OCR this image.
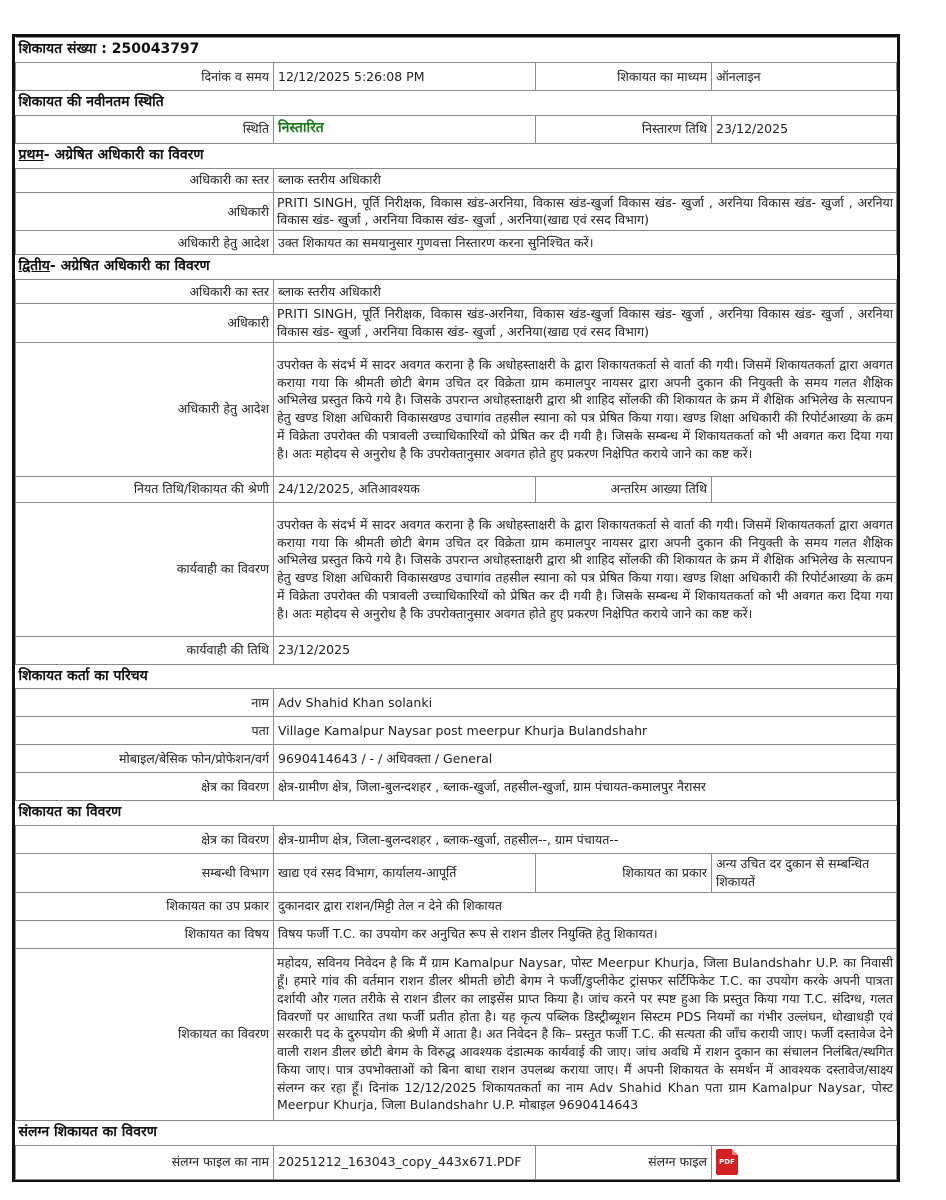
शिकायत संख्या : 250043797			
दिनांक व समय	12/12/2025 5:26:08 PM	शिकायत का माध्यम	ऑनलाइन
शिकायत की नवीनतम स्थिति			
स्थिति	निस्तारित	निस्तारण तिथि	23/12/2025
प्रथम- अग्रेषित अधिकारी का विवरण			
अधिकारी का स्तर	ब्लाक स्तरीय अधिकारी		
अधिकारी	PRITI SINGH, पूर्ति निरीक्षक, विकास खंड-अरनिया, विकास खंड-खुर्जा विकास खंड- खुर्जा , अरनिया विकास खंड- खुर्जा , अरनिया विकास खंड- खुर्जा , अरनिया विकास खंड- खुर्जा , अरनिया(खाद्य एवं रसद विभाग)		
अधिकारी हेतु आदेश	उक्त शिकायत का समयानुसार गुणवत्ता निस्तारण करना सुनिश्चित करें।		
द्वितीय- अग्रेषित अधिकारी का विवरण			
अधिकारी का स्तर	ब्लाक स्तरीय अधिकारी		
अधिकारी	PRITI SINGH, पूर्ति निरीक्षक, विकास खंड-अरनिया, विकास खंड-खुर्जा विकास खंड- खुर्जा , अरनिया विकास खंड- खुर्जा , अरनिया विकास खंड- खुर्जा , अरनिया विकास खंड- खुर्जा , अरनिया(खाद्य एवं रसद विभाग)		
अधिकारी हेतु आदेश	उपरोक्त के संदर्भ में सादर अवगत कराना है कि अधोहस्ताक्षरी के द्वारा शिकायतकर्ता से वार्ता की गयी। जिसमें शिकायतकर्ता द्वारा अवगत कराया गया कि श्रीमती छोटी बेगम उचित दर विक्रेता ग्राम कमालपुर नायसर द्वारा अपनी दुकान की नियुक्ती के समय गलत शैक्षिक अभिलेख प्रस्तुत किये गये है। जिसके उपरान्त अधोहस्ताक्षरी द्वारा श्री शाहिद सोंलकी की शिकायत के क्रम में शैक्षिक अभिलेख के सत्यापन हेतु खण्ड शिक्षा अधिकारी विकासखण्ड उचागांव तहसील स्याना को पत्र प्रेषित किया गया। खण्ड शिक्षा अधिकारी की रिपोर्टआख्या के क्रम में विक्रेता उपरोक्त की पत्रावली उच्चाधिकारियों को प्रेषित कर दी गयी है। जिसके सम्बन्ध में शिकायतकर्ता को भी अवगत करा दिया गया है। अतः महोदय से अनुरोध है कि उपरोक्तानुसार अवगत होते हुए प्रकरण निक्षेपित कराये जाने का कष्ट करें।		
नियत तिथि/शिकायत की श्रेणी	24/12/2025, अतिआवश्यक	अन्तरिम आख्या तिथि	
कार्यवाही का विवरण	उपरोक्त के संदर्भ में सादर अवगत कराना है कि अधोहस्ताक्षरी के द्वारा शिकायतकर्ता से वार्ता की गयी। जिसमें शिकायतकर्ता द्वारा अवगत कराया गया कि श्रीमती छोटी बेगम उचित दर विक्रेता ग्राम कमालपुर नायसर द्वारा अपनी दुकान की नियुक्ती के समय गलत शैक्षिक अभिलेख प्रस्तुत किये गये है। जिसके उपरान्त अधोहस्ताक्षरी द्वारा श्री शाहिद सोंलकी की शिकायत के क्रम में शैक्षिक अभिलेख के सत्यापन हेतु खण्ड शिक्षा अधिकारी विकासखण्ड उचागांव तहसील स्याना को पत्र प्रेषित किया गया। खण्ड शिक्षा अधिकारी की रिपोर्टआख्या के क्रम में विक्रेता उपरोक्त की पत्रावली उच्चाधिकारियों को प्रेषित कर दी गयी है। जिसके सम्बन्ध में शिकायतकर्ता को भी अवगत करा दिया गया है। अतः महोदय से अनुरोध है कि उपरोक्तानुसार अवगत होते हुए प्रकरण निक्षेपित कराये जाने का कष्ट करें।		
कार्यवाही की तिथि	23/12/2025		
शिकायत कर्ता का परिचय			
नाम	Adv Shahid Khan solanki		
पता	Village Kamalpur Naysar post meerpur Khurja Bulandshahr		
मोबाइल/बेसिक फोन/प्रोफेशन/वर्ग	9690414643 / - / अधिवक्ता / General		
क्षेत्र का विवरण	क्षेत्र-ग्रामीण क्षेत्र, जिला-बुलन्दशहर , ब्लाक-खुर्जा, तहसील-खुर्जा, ग्राम पंचायत-कमालपुर नैरासर		
शिकायत का विवरण			
क्षेत्र का विवरण	क्षेत्र-ग्रामीण क्षेत्र, जिला-बुलन्दशहर , ब्लाक-खुर्जा, तहसील--, ग्राम पंचायत--		
सम्बन्धी विभाग	खाद्य एवं रसद विभाग, कार्यालय-आपूर्ति	शिकायत का प्रकार	अन्य उचित दर दुकान से सम्बन्धित शिकायतें
शिकायत का उप प्रकार	दुकानदार द्वारा राशन/मिट्टी तेल न देने की शिकायत		
शिकायत का विषय	विषय फर्जी T.C. का उपयोग कर अनुचित रूप से राशन डीलर नियुक्ति हेतु शिकायत।		
शिकायत का विवरण	महोदय, सविनय निवेदन है कि मैं ग्राम Kamalpur Naysar, पोस्ट Meerpur Khurja, जिला Bulandshahr U.P. का निवासी हूँ। हमारे गांव की वर्तमान राशन डीलर श्रीमती छोटी बेगम ने फर्जी/डुप्लीकेट ट्रांसफर सर्टिफिकेट T.C. का उपयोग करके अपनी पात्रता दर्शायी और गलत तरीके से राशन डीलर का लाइसेंस प्राप्त किया है। जांच करने पर स्पष्ट हुआ कि प्रस्तुत किया गया T.C. संदिग्ध, गलत विवरणों पर आधारित तथा फर्जी प्रतीत होता है। यह कृत्य पब्लिक डिस्ट्रीब्यूशन सिस्टम PDS नियमों का गंभीर उल्लंघन, धोखाधड़ी एवं सरकारी पद के दुरुपयोग की श्रेणी में आता है। अत निवेदन है कि– प्रस्तुत फर्जी T.C. की सत्यता की जाँच करायी जाए। फर्जी दस्तावेज देने वाली राशन डीलर छोटी बेगम के विरुद्ध आवश्यक दंडात्मक कार्यवाई की जाए। जांच अवधि में राशन दुकान का संचालन निलंबित/स्थगित किया जाए। पात्र उपभोक्ताओं को बिना बाधा राशन उपलब्ध कराया जाए। मैं अपनी शिकायत के समर्थन में आवश्यक दस्तावेज/साक्ष्य संलग्न कर रहा हूँ। दिनांक 12/12/2025 शिकायतकर्ता का नाम Adv Shahid Khan पता ग्राम Kamalpur Naysar, पोस्ट Meerpur Khurja, जिला Bulandshahr U.P. मोबाइल 9690414643		
संलग्न शिकायत का विवरण			
संलग्न फाइल का नाम	20251212_163043_copy_443x671.PDF	संलग्न फाइल	PDF
